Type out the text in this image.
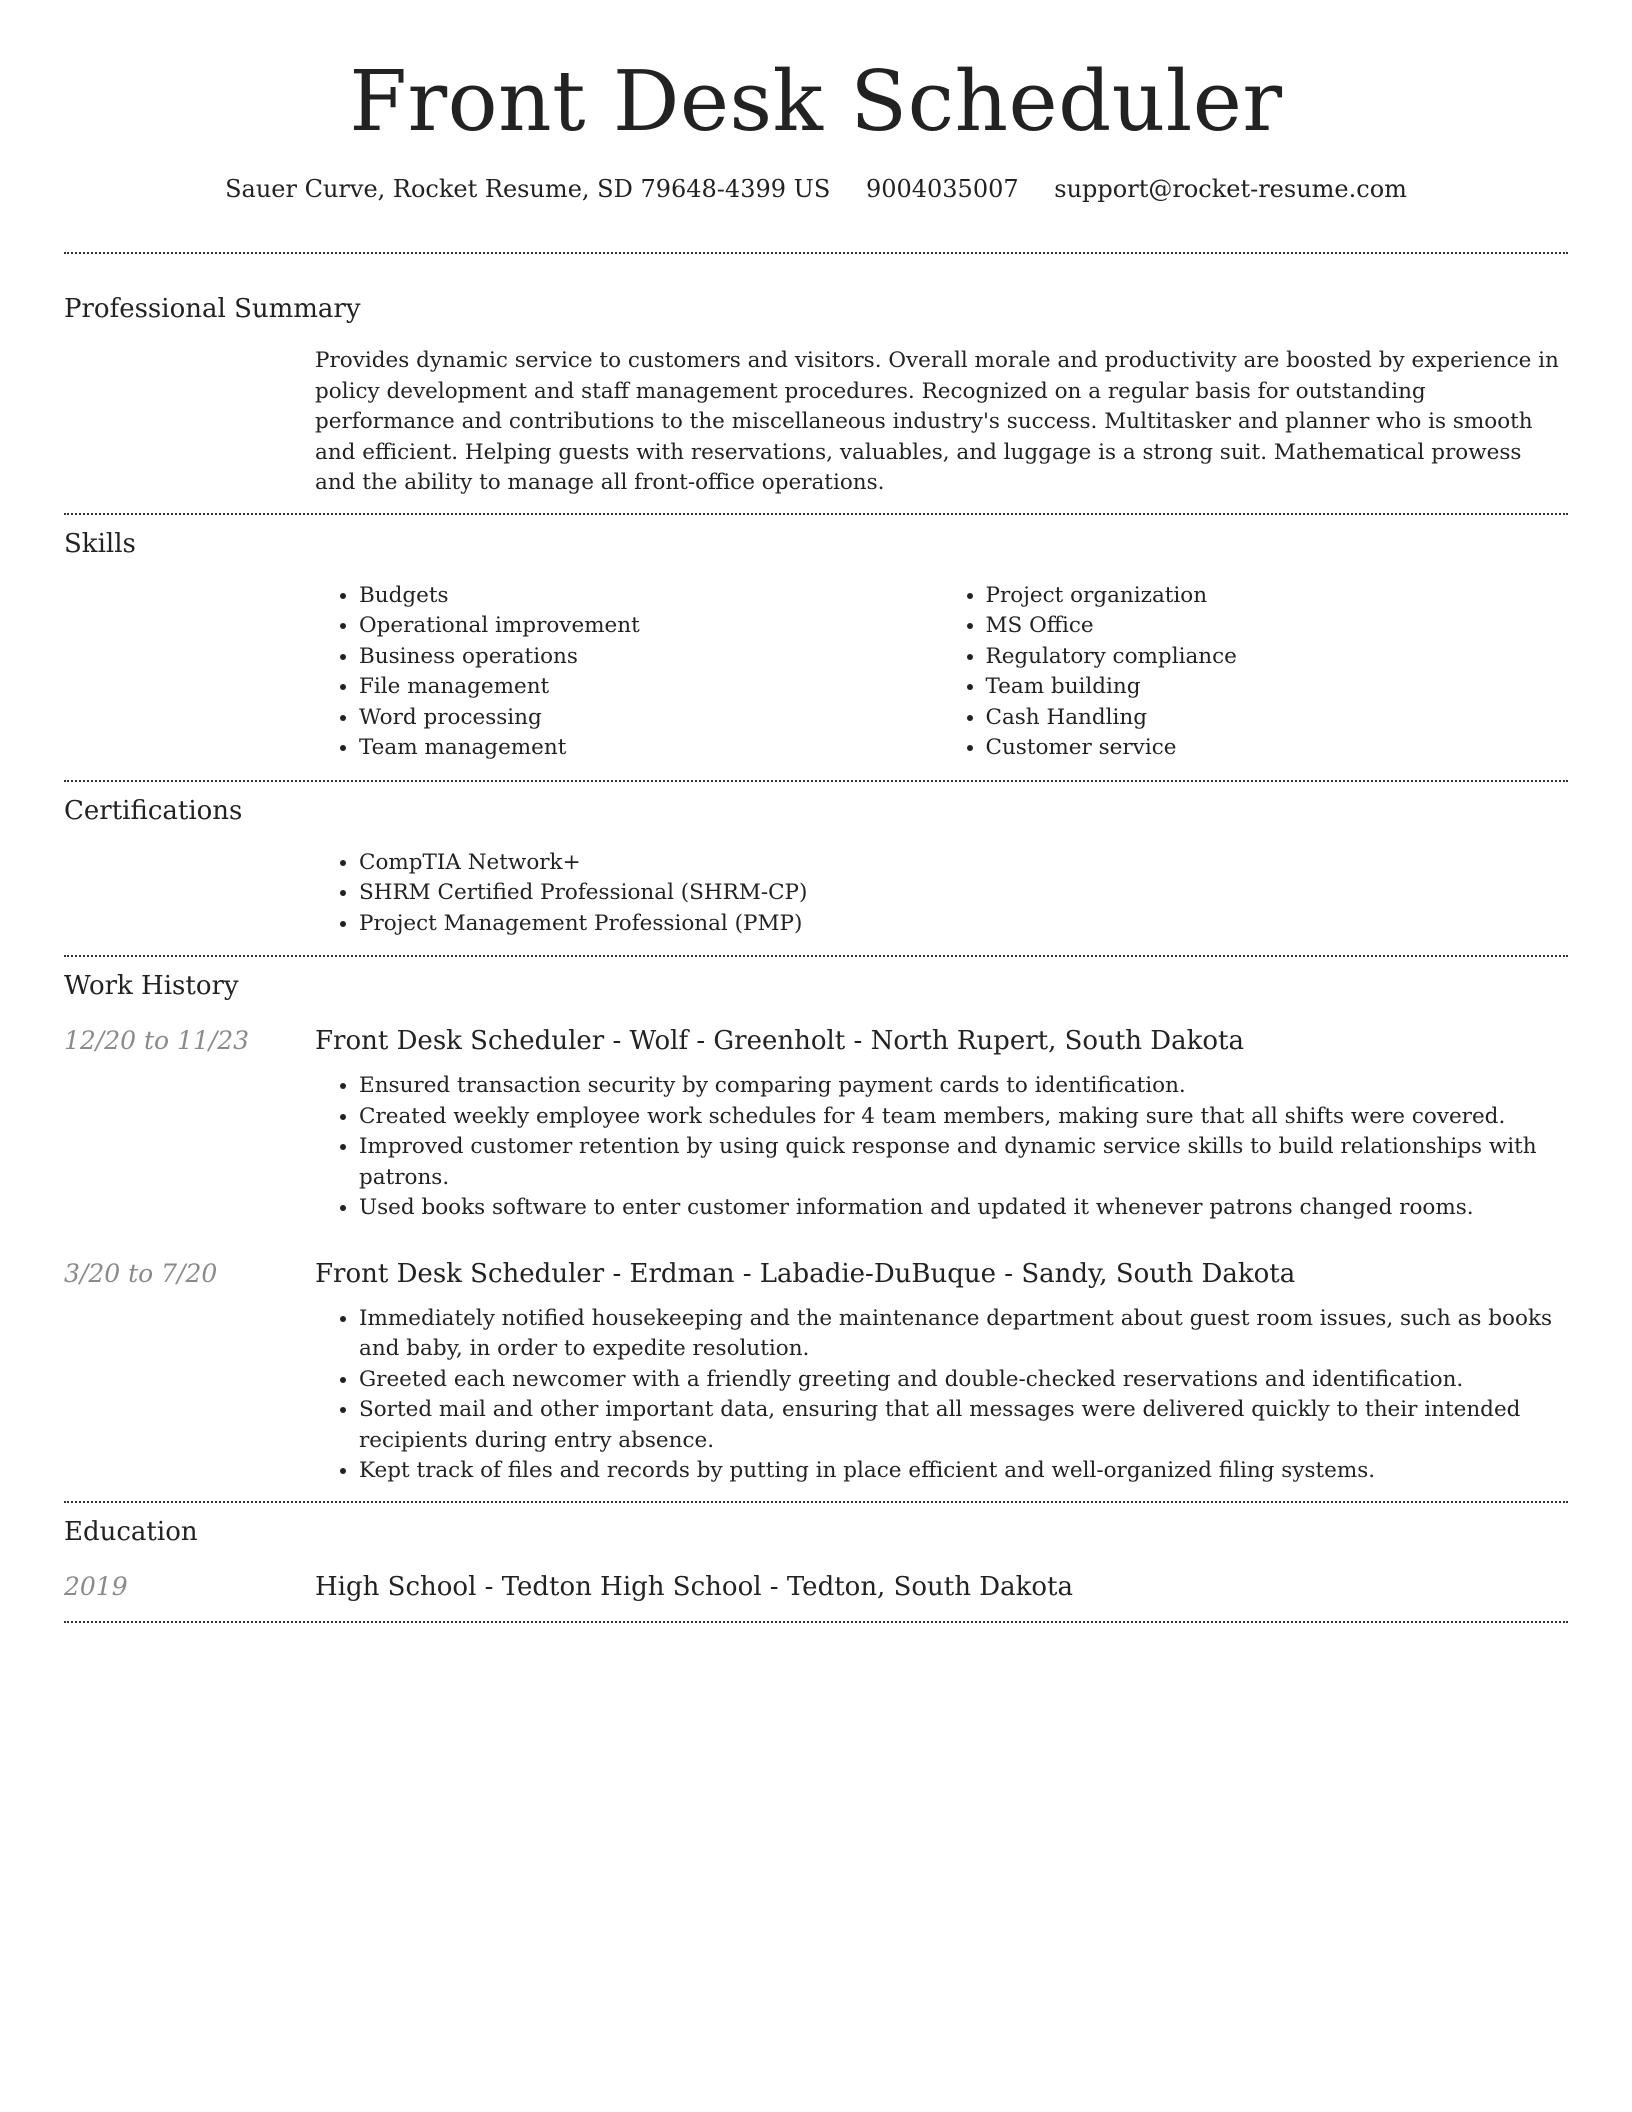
Front Desk Scheduler
Sauer Curve, Rocket Resume, SD 79648-4399 US 9004035007 support@rocket-resume.com
Professional Summary

Provides dynamic service to customers and visitors. Overall morale and productivity are boosted by experience in policy development and staff management procedures. Recognized on a regular basis for outstanding performance and contributions to the miscellaneous industry's success. Multitasker and planner who is smooth and efficient. Helping guests with reservations, valuables, and luggage is a strong suit. Mathematical prowess and the ability to manage all front-office operations.

Skills
• Budgets
• Operational improvement
• Business operations
• File management
• Word processing
• Team management
• Project organization
• MS Office
• Regulatory compliance
• Team building
• Cash Handling
• Customer service
Certifications
• CompTIA Network+
• SHRM Certified Professional (SHRM-CP)
• Project Management Professional (PMP)
Work History
12/20 to 11/23	Front Desk Scheduler - Wolf - Greenholt - North Rupert, South Dakota
• Ensured transaction security by comparing payment cards to identification.
• Created weekly employee work schedules for 4 team members, making sure that all shifts were covered.
• Improved customer retention by using quick response and dynamic service skills to build relationships with patrons.
• Used books software to enter customer information and updated it whenever patrons changed rooms.
3/20 to 7/20	Front Desk Scheduler - Erdman - Labadie-DuBuque - Sandy, South Dakota
• Immediately notified housekeeping and the maintenance department about guest room issues, such as books and baby, in order to expedite resolution.
• Greeted each newcomer with a friendly greeting and double-checked reservations and identification.
• Sorted mail and other important data, ensuring that all messages were delivered quickly to their intended recipients during entry absence.
• Kept track of files and records by putting in place efficient and well-organized filing systems.
Education
2019	High School - Tedton High School - Tedton, South Dakota
